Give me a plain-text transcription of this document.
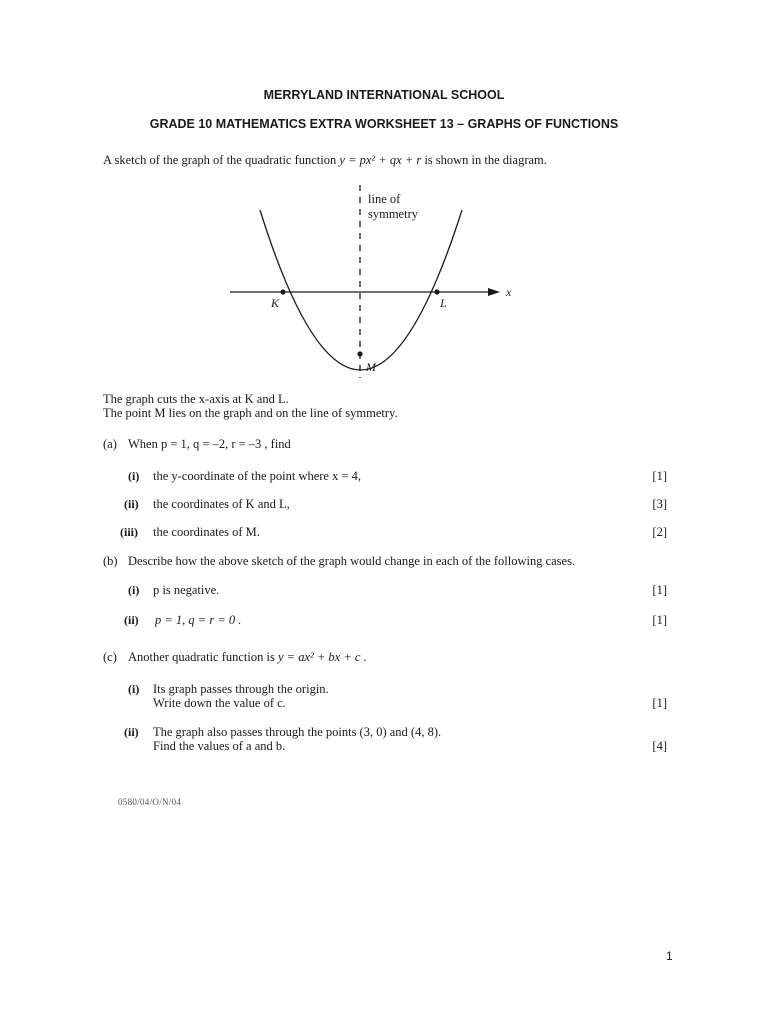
MERRYLAND INTERNATIONAL SCHOOL
GRADE 10 MATHEMATICS EXTRA WORKSHEET 13 – GRAPHS OF FUNCTIONS
A sketch of the graph of the quadratic function y = px² + qx + r is shown in the diagram.
line of
symmetry
x
K	L
M
The graph cuts the x-axis at K and L.
The point M lies on the graph and on the line of symmetry.
(a) When p = 1, q = –2, r = –3 , find
(i) the y-coordinate of the point where x = 4,	[1]
(ii) the coordinates of K and L,	[3]
(iii) the coordinates of M.	[2]
(b) Describe how the above sketch of the graph would change in each of the following cases.
(i) p is negative.	[1]
(ii) p = 1, q = r = 0 .	[1]
(c) Another quadratic function is y = ax² + bx + c .
(i) Its graph passes through the origin.
Write down the value of c.	[1]
(ii) The graph also passes through the points (3, 0) and (4, 8).
Find the values of a and b.	[4]
0580/04/O/N/04
1
